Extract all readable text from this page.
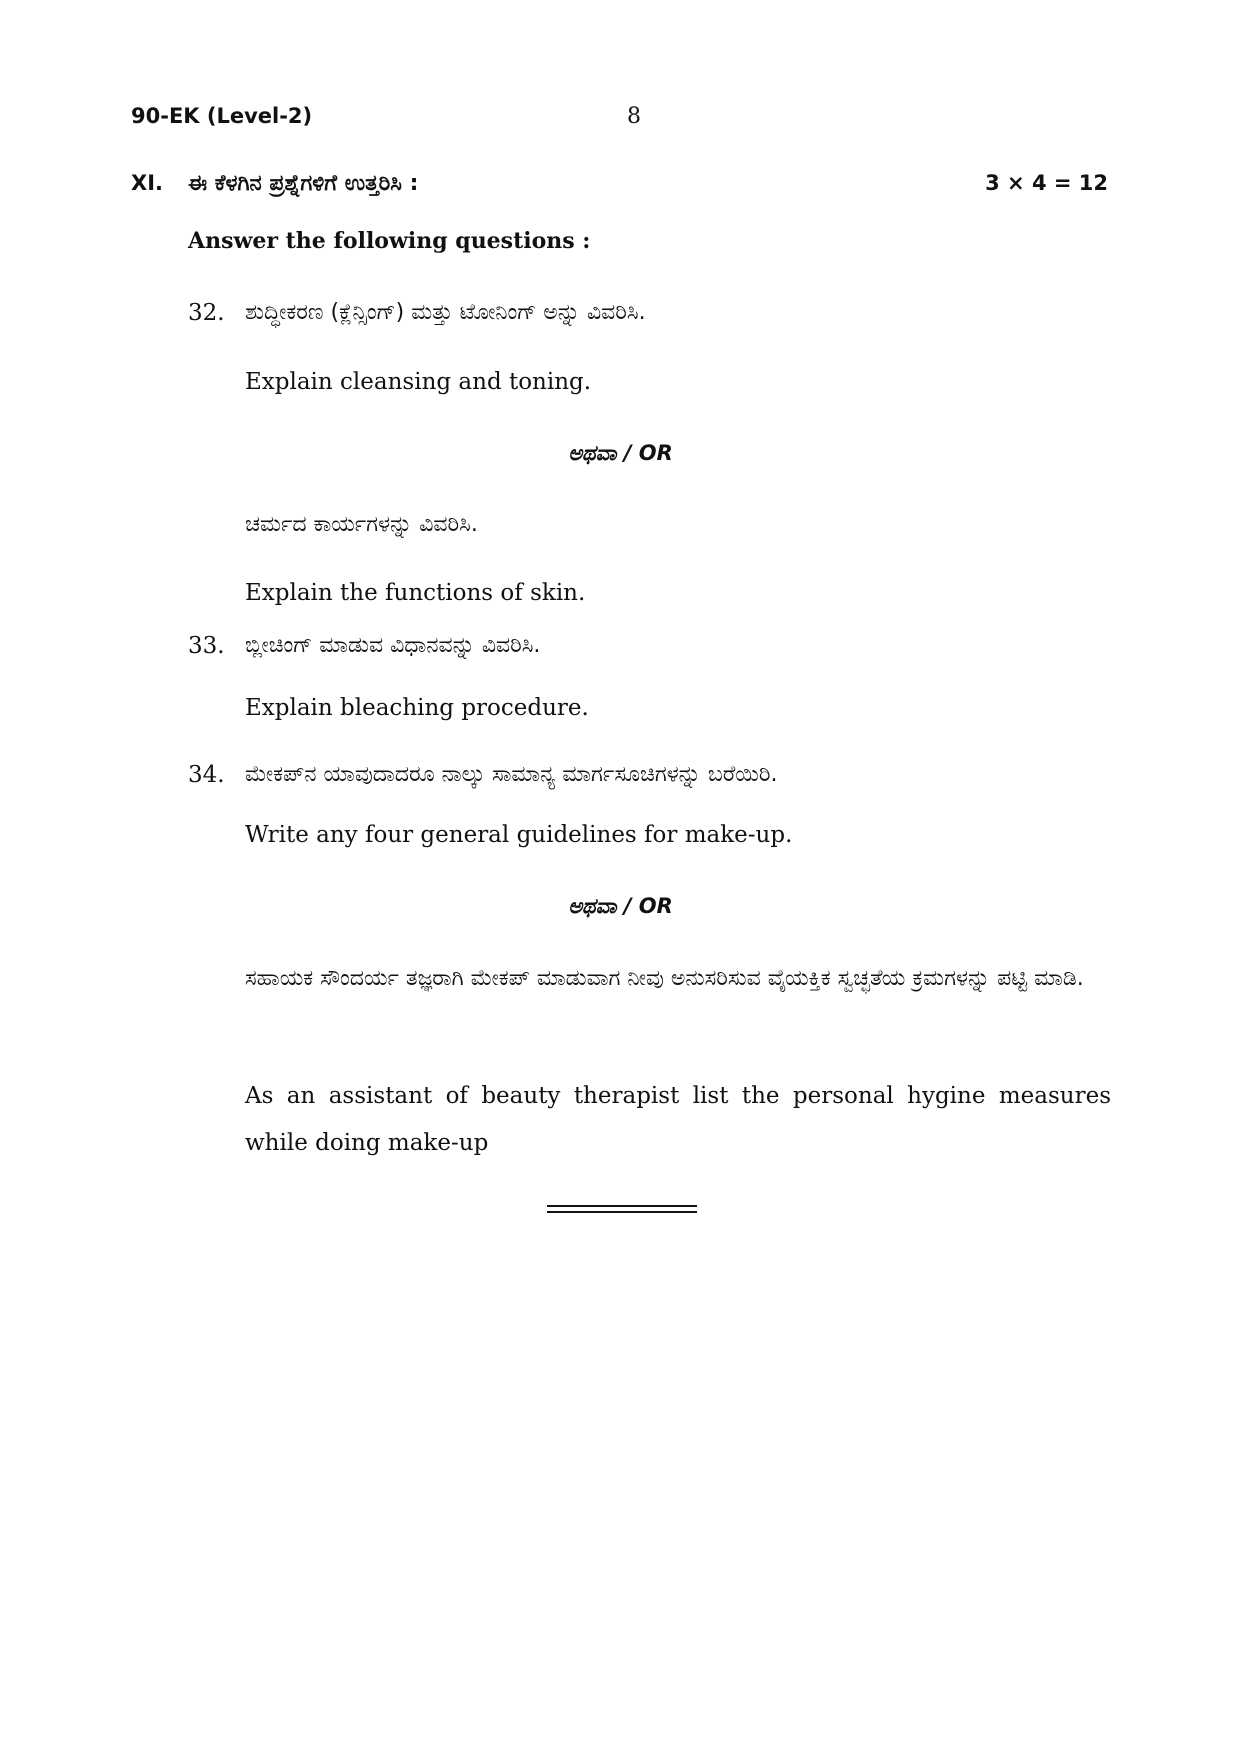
90-EK (Level-2)	8
XI. ಈ ಕೆಳಗಿನ ಪ್ರಶ್ನೆಗಳಿಗೆ ಉತ್ತರಿಸಿ :	3 × 4 = 12
Answer the following questions :
32. ಶುದ್ಧೀಕರಣ (ಕ್ಲೆನ್ಸಿಂಗ್) ಮತ್ತು ಟೋನಿಂಗ್ ಅನ್ನು ವಿವರಿಸಿ.
Explain cleansing and toning.
ಅಥವಾ / OR
ಚರ್ಮದ ಕಾರ್ಯಗಳನ್ನು ವಿವರಿಸಿ.
Explain the functions of skin.
33. ಬ್ಲೀಚಿಂಗ್ ಮಾಡುವ ವಿಧಾನವನ್ನು ವಿವರಿಸಿ.
Explain bleaching procedure.
34. ಮೇಕಪ್‌ನ ಯಾವುದಾದರೂ ನಾಲ್ಕು ಸಾಮಾನ್ಯ ಮಾರ್ಗಸೂಚಿಗಳನ್ನು ಬರೆಯಿರಿ.
Write any four general guidelines for make-up.
ಅಥವಾ / OR
ಸಹಾಯಕ ಸೌಂದರ್ಯ ತಜ್ಞರಾಗಿ ಮೇಕಪ್ ಮಾಡುವಾಗ ನೀವು ಅನುಸರಿಸುವ ವೈಯಕ್ತಿಕ ಸ್ವಚ್ಛತೆಯ ಕ್ರಮಗಳನ್ನು ಪಟ್ಟಿ ಮಾಡಿ.
As an assistant of beauty therapist list the personal hygine measures while doing make-up
